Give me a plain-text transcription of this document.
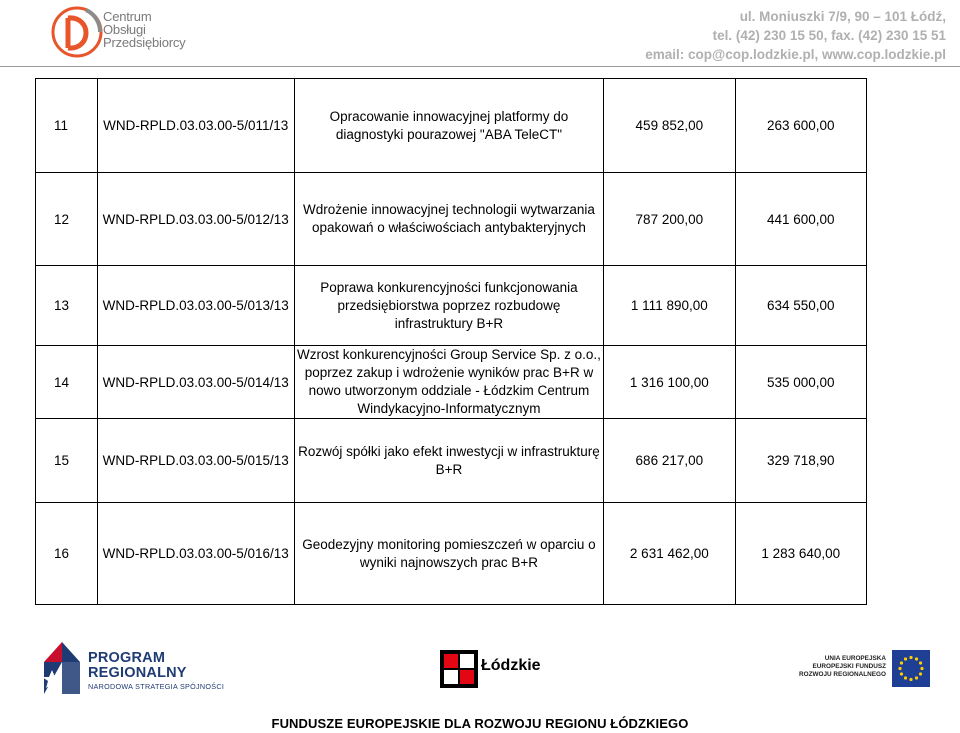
Centrum
Obsługi
Przedsiębiorcy
ul. Moniuszki 7/9, 90 – 101 Łódź,
tel. (42) 230 15 50, fax. (42) 230 15 51
email: cop@cop.lodzkie.pl, www.cop.lodzkie.pl
11	WND-RPLD.03.03.00-5/011/13	Opracowanie innowacyjnej platformy do diagnostyki pourazowej "ABA TeleCT"	459 852,00	263 600,00
12	WND-RPLD.03.03.00-5/012/13	Wdrożenie innowacyjnej technologii wytwarzania opakowań o właściwościach antybakteryjnych	787 200,00	441 600,00
13	WND-RPLD.03.03.00-5/013/13	Poprawa konkurencyjności funkcjonowania przedsiębiorstwa poprzez rozbudowę infrastruktury B+R	1 111 890,00	634 550,00
14	WND-RPLD.03.03.00-5/014/13	Wzrost konkurencyjności Group Service Sp. z o.o., poprzez zakup i wdrożenie wyników prac B+R w nowo utworzonym oddziale - Łódzkim Centrum Windykacyjno-Informatycznym	1 316 100,00	535 000,00
15	WND-RPLD.03.03.00-5/015/13	Rozwój spółki jako efekt inwestycji w infrastrukturę B+R	686 217,00	329 718,90
16	WND-RPLD.03.03.00-5/016/13	Geodezyjny monitoring pomieszczeń w oparciu o wyniki najnowszych prac B+R	2 631 462,00	1 283 640,00
PROGRAM
REGIONALNY
NARODOWA STRATEGIA SPÓJNOŚCI
Łódzkie	UNIA EUROPEJSKA
EUROPEJSKI FUNDUSZ
ROZWOJU REGIONALNEGO
FUNDUSZE EUROPEJSKIE DLA ROZWOJU REGIONU ŁÓDZKIEGO
